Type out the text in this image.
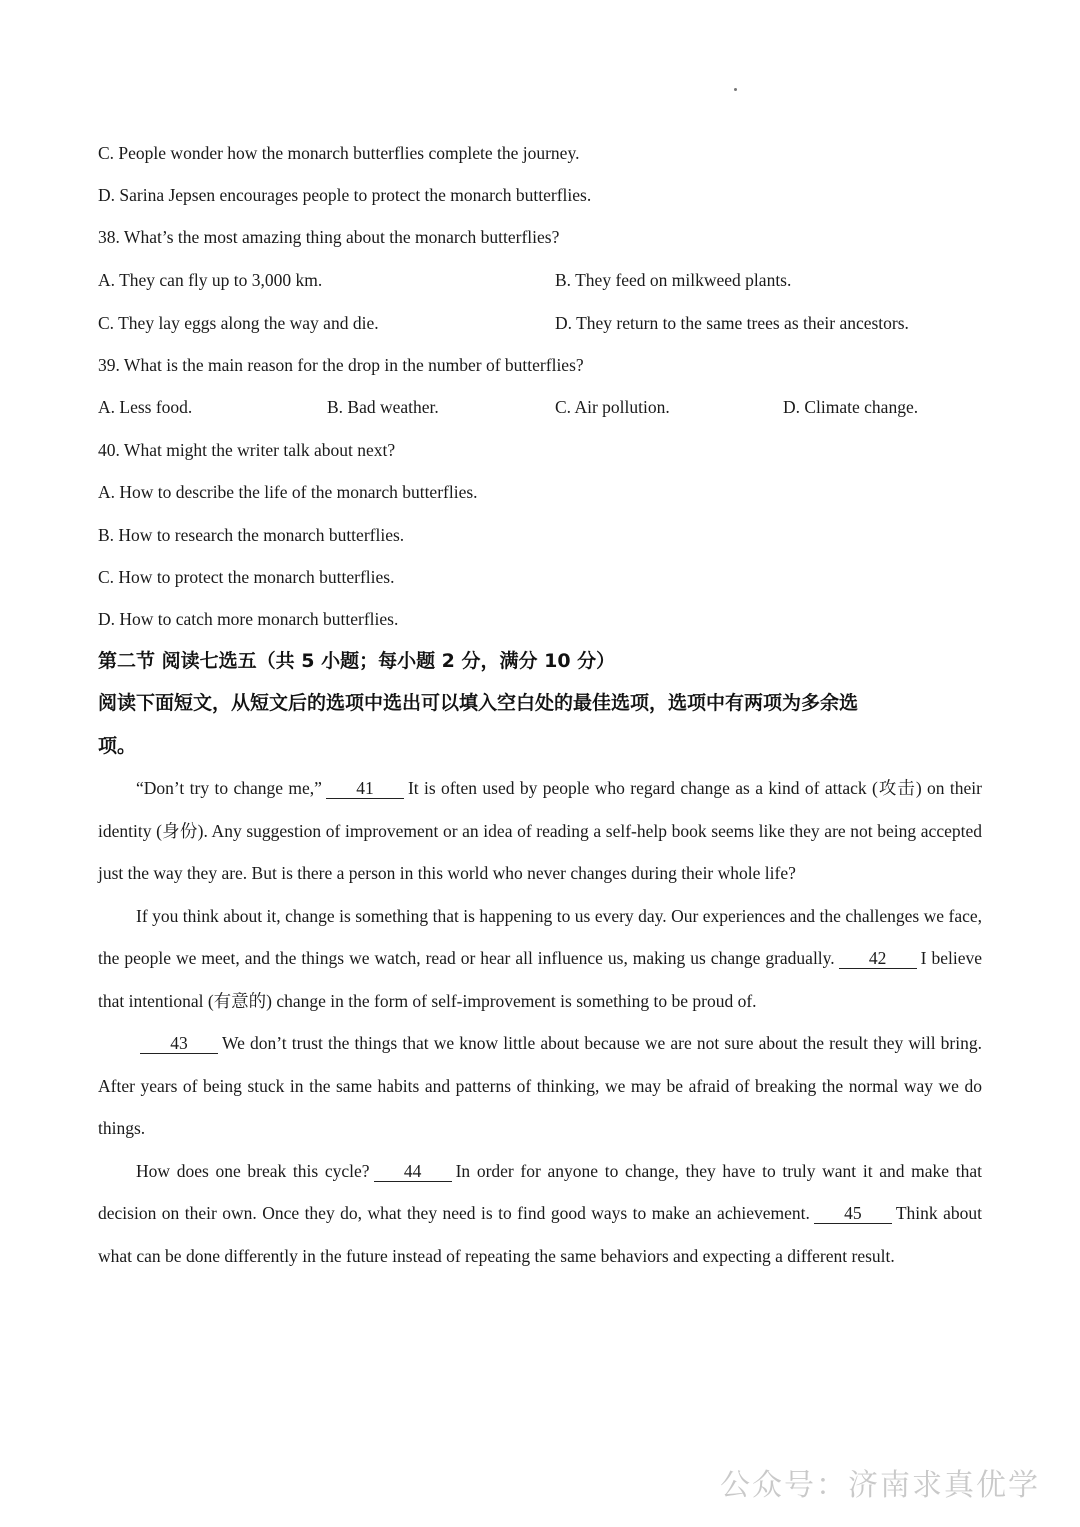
C. People wonder how the monarch butterflies complete the journey.
D. Sarina Jepsen encourages people to protect the monarch butterflies.
38. What’s the most amazing thing about the monarch butterflies?
A. They can fly up to 3,000 km.	B. They feed on milkweed plants.
C. They lay eggs along the way and die.	D. They return to the same trees as their ancestors.
39. What is the main reason for the drop in the number of butterflies?
A. Less food.	B. Bad weather.	C. Air pollution.	D. Climate change.
40. What might the writer talk about next?
A. How to describe the life of the monarch butterflies.
B. How to research the monarch butterflies.
C. How to protect the monarch butterflies.
D. How to catch more monarch butterflies.
第二节 阅读七选五（共 5 小题；每小题 2 分，满分 10 分）
阅读下面短文，从短文后的选项中选出可以填入空白处的最佳选项，选项中有两项为多余选
项。

“Don’t try to change me,” 41 It is often used by people who regard change as a kind of attack (攻击) on their identity (身份). Any suggestion of improvement or an idea of reading a self-help book seems like they are not being accepted just the way they are. But is there a person in this world who never changes during their whole life?

If you think about it, change is something that is happening to us every day. Our experiences and the challenges we face, the people we meet, and the things we watch, read or hear all influence us, making us change gradually. 42 I believe that intentional (有意的) change in the form of self-improvement is something to be proud of.

43 We don’t trust the things that we know little about because we are not sure about the result they will bring. After years of being stuck in the same habits and patterns of thinking, we may be afraid of breaking the normal way we do things.

How does one break this cycle? 44 In order for anyone to change, they have to truly want it and make that decision on their own. Once they do, what they need is to find good ways to make an achievement. 45 Think about what can be done differently in the future instead of repeating the same behaviors and expecting a different result.

公众号：济南求真优学
